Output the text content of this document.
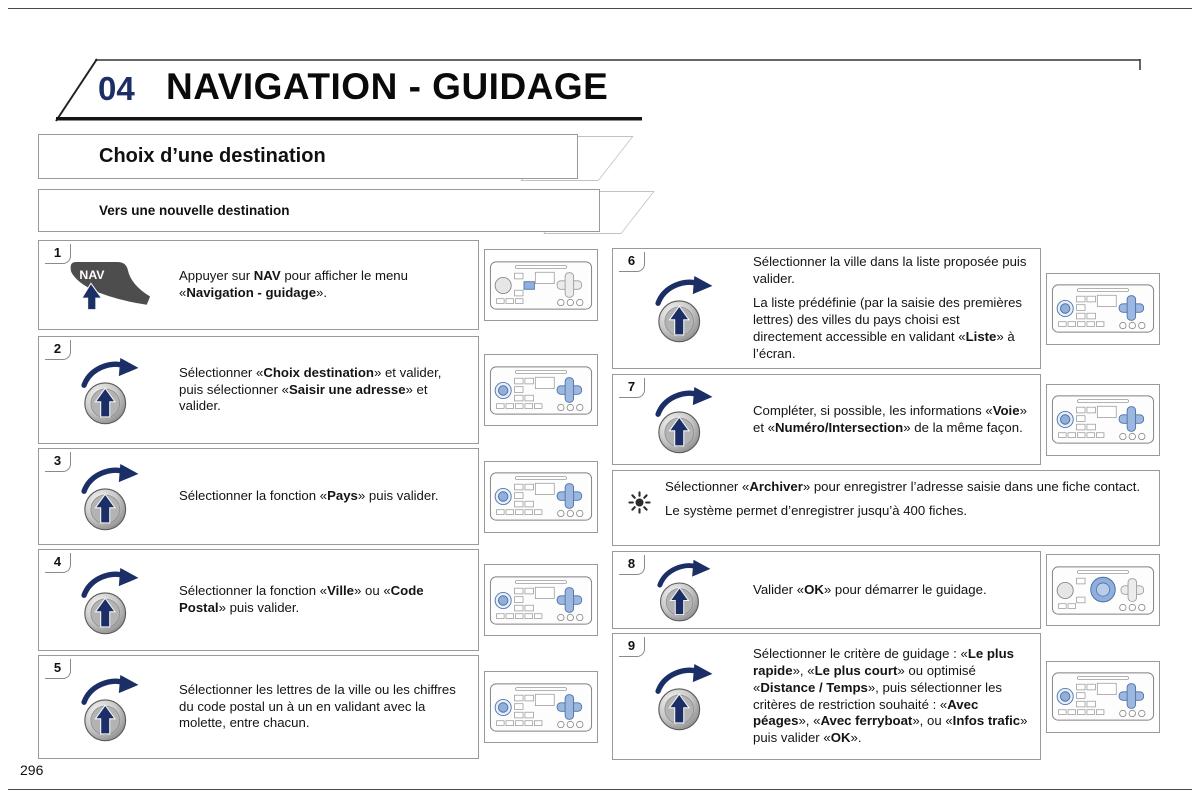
04 NAVIGATION - GUIDAGE
Choix d’une destination
Vers une nouvelle destination
1

Appuyer sur NAV pour afficher le menu «Navigation - guidage».

2

Sélectionner «Choix destination» et valider, puis sélectionner «Saisir une adresse» et valider.

3

Sélectionner la fonction «Pays» puis valider.

4

Sélectionner la fonction «Ville» ou «Code Postal» puis valider.

5

Sélectionner les lettres de la ville ou les chiffres du code postal un à un en validant avec la molette, entre chacun.

6	Sélectionner la ville dans la liste proposée puis valider.

La liste prédéfinie (par la saisie des premières lettres) des villes du pays choisi est directement accessible en validant «Liste» à l’écran.

7

Compléter, si possible, les informations «Voie» et «Numéro/Intersection» de la même façon.

Sélectionner «Archiver» pour enregistrer l’adresse saisie dans une fiche contact.

Le système permet d’enregistrer jusqu’à 400 fiches.

8

Valider «OK» pour démarrer le guidage.

9

Sélectionner le critère de guidage : «Le plus rapide», «Le plus court» ou optimisé «Distance / Temps», puis sélectionner les critères de restriction souhaité : «Avec péages», «Avec ferryboat», ou «Infos trafic» puis valider «OK».

296
